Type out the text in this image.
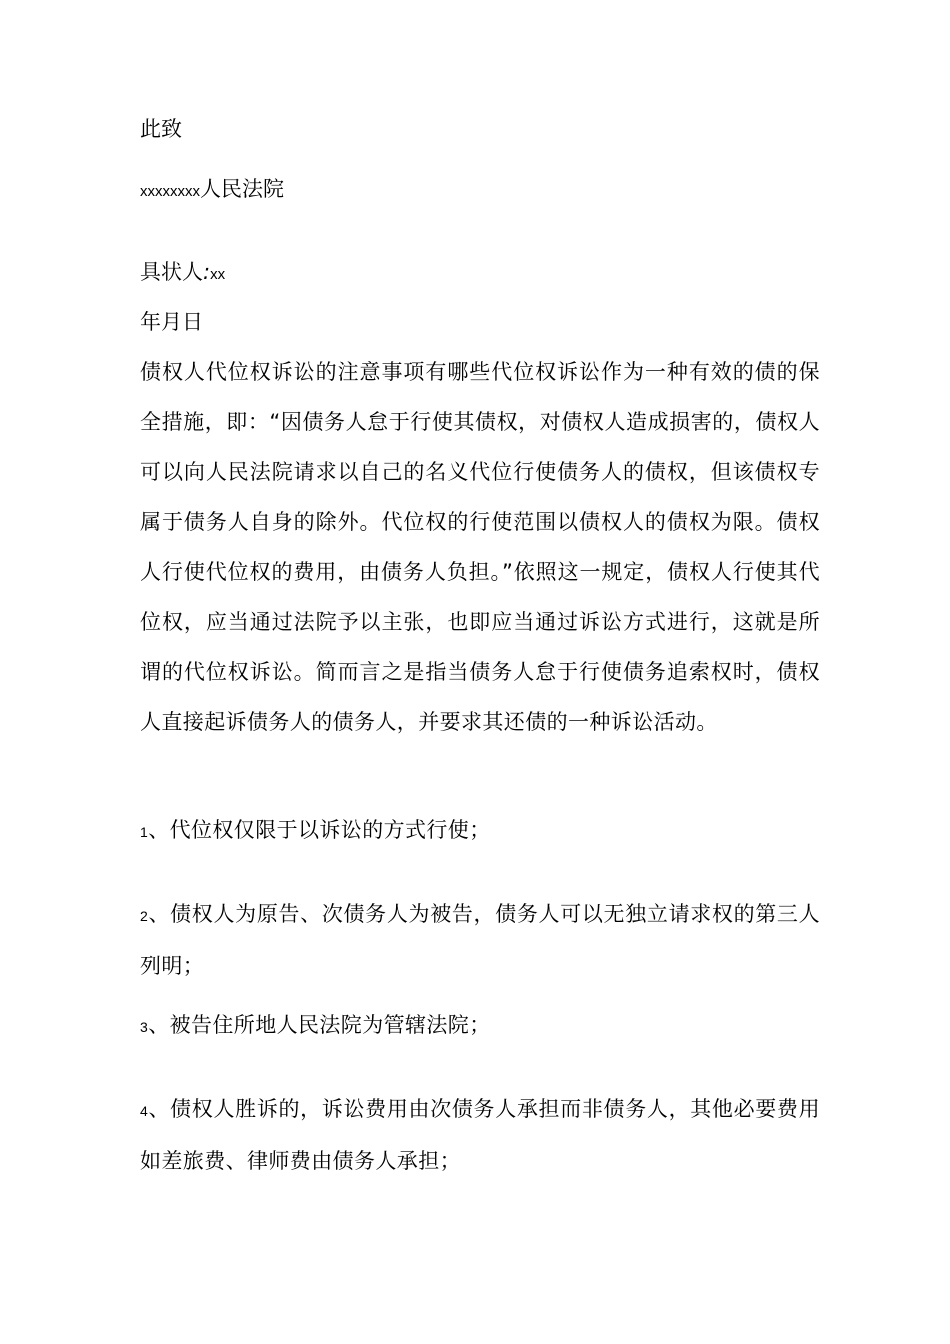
此致

xxxxxxxx人民法院

具状人:xx

年月日

债权人代位权诉讼的注意事项有哪些代位权诉讼作为一种有效的债的保全措施，即：“因债务人怠于行使其债权，对债权人造成损害的，债权人可以向人民法院请求以自己的名义代位行使债务人的债权，但该债权专属于债务人自身的除外。代位权的行使范围以债权人的债权为限。债权人行使代位权的费用，由债务人负担。”依照这一规定，债权人行使其代位权，应当通过法院予以主张，也即应当通过诉讼方式进行，这就是所谓的代位权诉讼。简而言之是指当债务人怠于行使债务追索权时，债权人直接起诉债务人的债务人，并要求其还债的一种诉讼活动。

1、代位权仅限于以诉讼的方式行使；

2、债权人为原告、次债务人为被告，债务人可以无独立请求权的第三人列明；

3、被告住所地人民法院为管辖法院；

4、债权人胜诉的，诉讼费用由次债务人承担而非债务人，其他必要费用如差旅费、律师费由债务人承担；
